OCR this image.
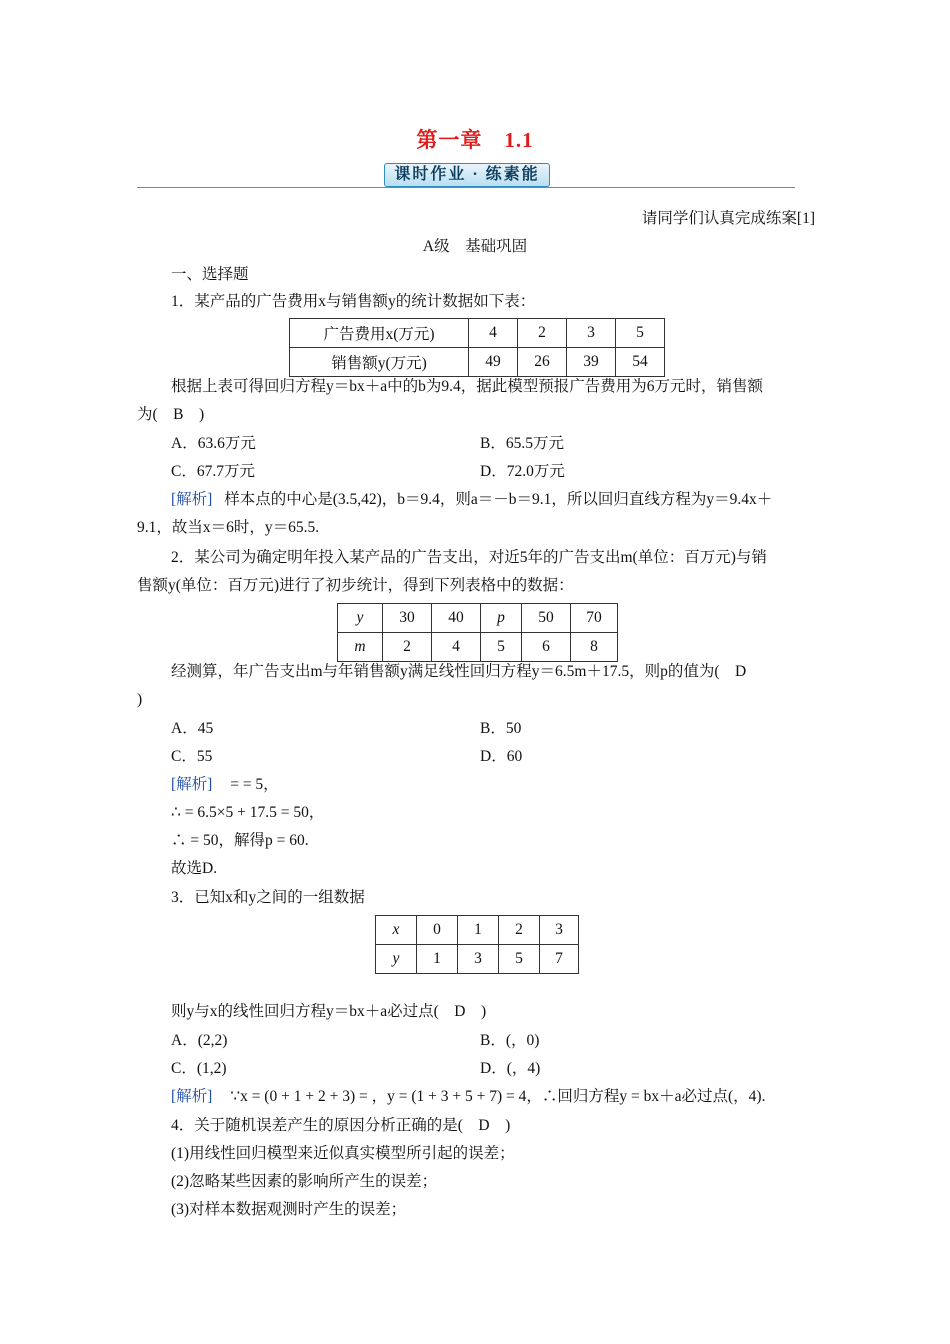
第一章　1.1
课时作业 · 练素能
请同学们认真完成练案[1]
A级　基础巩固
一、选择题
1．某产品的广告费用x与销售额y的统计数据如下表：
广告费用x(万元)	4	2	3	5
销售额y(万元)	49	26	39	54
根据上表可得回归方程y＝bx＋a中的b为9.4，据此模型预报广告费用为6万元时，销售额
为(　B　)
A．63.6万元	B．65.5万元
C．67.7万元	D．72.0万元
[解析] 样本点的中心是(3.5,42)，b＝9.4，则a＝－b＝9.1，所以回归直线方程为y＝9.4x＋
9.1，故当x＝6时，y＝65.5.
2．某公司为确定明年投入某产品的广告支出，对近5年的广告支出m(单位：百万元)与销
售额y(单位：百万元)进行了初步统计，得到下列表格中的数据：
y	30	40	p	50	70
m	2	4	5	6	8
经测算，年广告支出m与年销售额y满足线性回归方程y＝6.5m＋17.5，则p的值为(　D
)
A．45	B．50
C．55	D．60
[解析] = = 5，
∴ = 6.5×5 + 17.5 = 50，
∴ = 50，解得p = 60.
故选D.
3．已知x和y之间的一组数据
x	0	1	2	3
y	1	3	5	7
则y与x的线性回归方程y＝bx＋a必过点(　D　)
A．(2,2)	B．(，0)
C．(1,2)	D．(，4)
[解析] ∵x = (0 + 1 + 2 + 3) = ，y = (1 + 3 + 5 + 7) = 4，∴回归方程y = bx＋a必过点(，4).
4．关于随机误差产生的原因分析正确的是(　D　)
(1)用线性回归模型来近似真实模型所引起的误差；
(2)忽略某些因素的影响所产生的误差；
(3)对样本数据观测时产生的误差；
